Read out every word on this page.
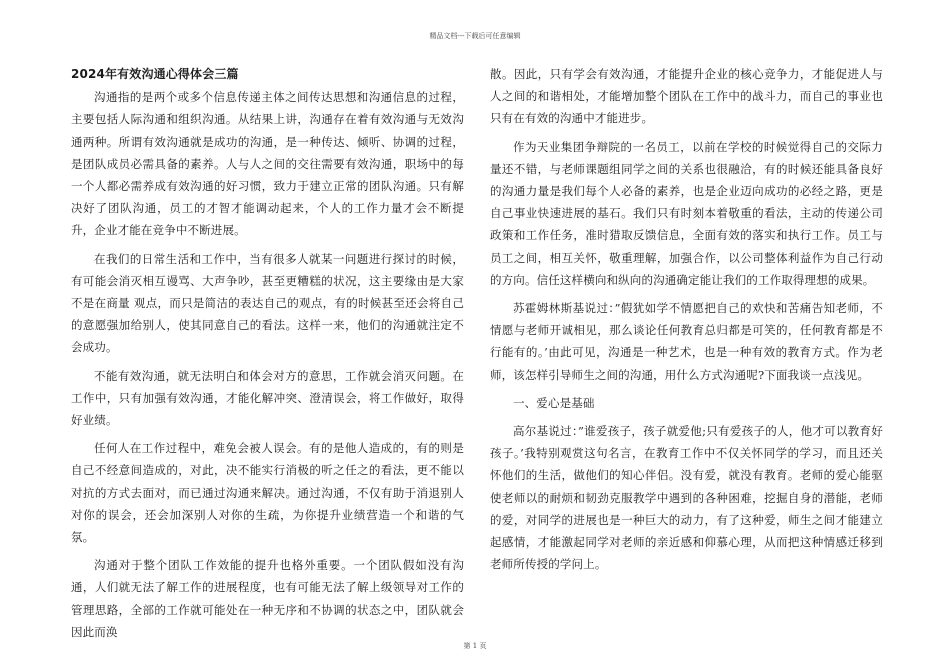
精品文档---下载后可任意编辑
2024年有效沟通心得体会三篇

沟通指的是两个或多个信息传递主体之间传达思想和沟通信息的过程，主要包括人际沟通和组织沟通。从结果上讲，沟通存在着有效沟通与无效沟通两种。所谓有效沟通就是成功的沟通，是一种传达、倾听、协调的过程，是团队成员必需具备的素养。人与人之间的交往需要有效沟通，职场中的每一个人都必需养成有效沟通的好习惯，致力于建立正常的团队沟通。只有解决好了团队沟通，员工的才智才能调动起来，个人的工作力量才会不断提升，企业才能在竞争中不断进展。

在我们的日常生活和工作中，当有很多人就某一问题进行探讨的时候，有可能会消灭相互谩骂、大声争吵，甚至更糟糕的状况，这主要缘由是大家不是在商量 观点，而只是简洁的表达自己的观点，有的时候甚至还会将自己的意愿强加给别人，使其同意自己的看法。这样一来，他们的沟通就注定不会成功。

不能有效沟通，就无法明白和体会对方的意思，工作就会消灭问题。在工作中，只有加强有效沟通，才能化解冲突、澄清误会，将工作做好，取得好业绩。

任何人在工作过程中，难免会被人误会。有的是他人造成的，有的则是自己不经意间造成的，对此，决不能实行消极的听之任之的看法，更不能以对抗的方式去面对，而已通过沟通来解决。通过沟通，不仅有助于消退别人对你的误会，还会加深别人对你的生疏，为你提升业绩营造一个和谐的气氛。

沟通对于整个团队工作效能的提升也格外重要。一个团队假如没有沟通，人们就无法了解工作的进展程度，也有可能无法了解上级领导对工作的管理思路，全部的工作就可能处在一种无序和不协调的状态之中，团队就会因此而涣

散。因此，只有学会有效沟通，才能提升企业的核心竞争力，才能促进人与人之间的和谐相处，才能增加整个团队在工作中的战斗力，而自己的事业也只有在有效的沟通中才能进步。

作为天业集团争辩院的一名员工，以前在学校的时候觉得自己的交际力量还不错，与老师课题组同学之间的关系也很融洽，有的时候还能具备良好的沟通力量是我们每个人必备的素养，也是企业迈向成功的必经之路，更是自己事业快速进展的基石。我们只有时刻本着敬重的看法，主动的传递公司政策和工作任务，准时猎取反馈信息，全面有效的落实和执行工作。员工与员工之间，相互关怀，敬重理解，加强合作，以公司整体利益作为自己行动的方向。信任这样横向和纵向的沟通确定能让我们的工作取得理想的成果。

苏霍姆林斯基说过：”假犹如学不情愿把自己的欢快和苦痛告知老师，不情愿与老师开诚相见，那么谈论任何教育总归都是可笑的，任何教育都是不行能有的。’由此可见，沟通是一种艺术，也是一种有效的教育方式。作为老师，该怎样引导师生之间的沟通，用什么方式沟通呢?下面我谈一点浅见。

一、爱心是基础

高尔基说过：”谁爱孩子，孩子就爱他;只有爱孩子的人，他才可以教育好孩子。’我特别观赏这句名言，在教育工作中不仅关怀同学的学习，而且还关怀他们的生活，做他们的知心伴侣。没有爱，就没有教育。老师的爱心能驱使老师以的耐烦和韧劲克服教学中遇到的各种困难，挖掘自身的潜能，老师的爱，对同学的进展也是一种巨大的动力，有了这种爱，师生之间才能建立起感情，才能激起同学对老师的亲近感和仰慕心理，从而把这种情感迁移到老师所传授的学问上。

第 1 页
